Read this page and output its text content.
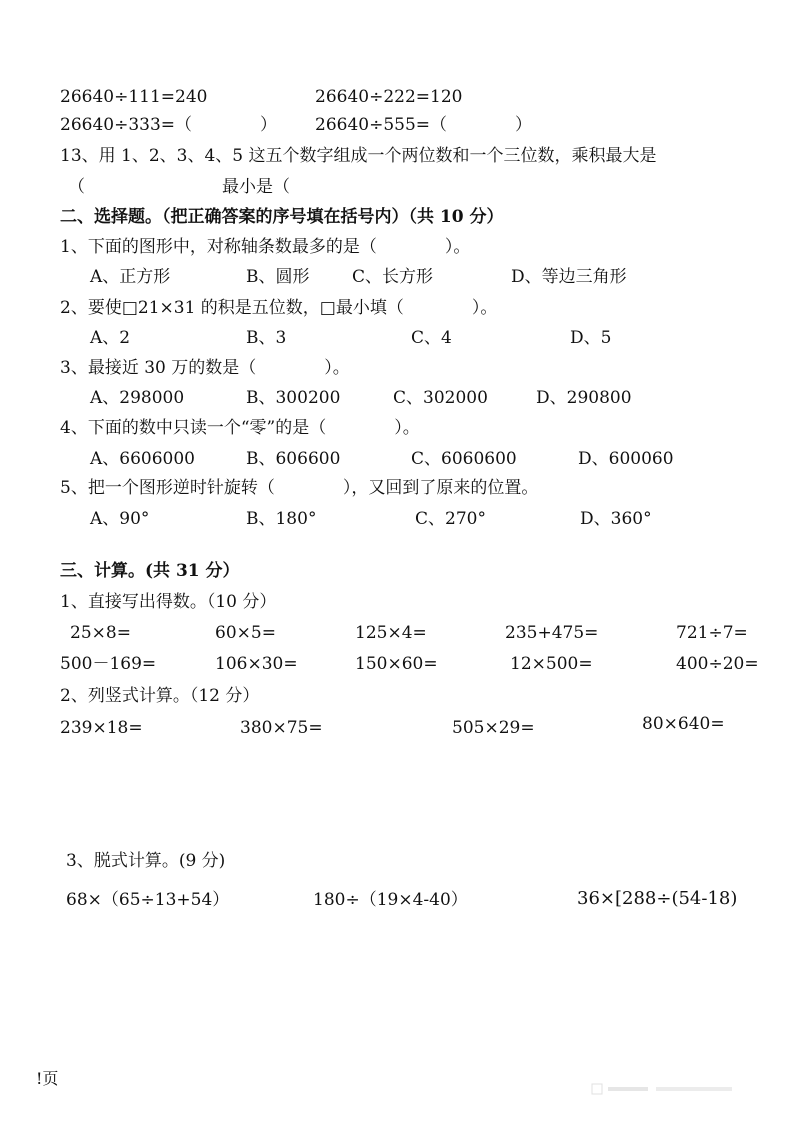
26640÷111=240	26640÷222=120
26640÷333=（　　　　） 26640÷555=（　　　　）
13、用 1、2、3、4、5 这五个数字组成一个两位数和一个三位数，乘积最大是
（	最小是（
二、选择题。（把正确答案的序号填在括号内）（共 10 分）
1、下面的图形中，对称轴条数最多的是（　　　　）。
A、正方形	B、圆形	C、长方形	D、等边三角形
2、要使□21×31 的积是五位数，□最小填（　　　　）。
A、2	B、3	C、4	D、5
3、最接近 30 万的数是（　　　　）。
A、298000	B、300200	C、302000	D、290800
4、下面的数中只读一个“零”的是（　　　　）。
A、6606000	B、606600	C、6060600	D、600060
5、把一个图形逆时针旋转（　　　　），又回到了原来的位置。
A、90°	B、180°	C、270°	D、360°
三、计算。(共 31 分）
1、直接写出得数。（10 分）
25×8=	60×5=	125×4=	235+475=	721÷7=
500－169=	106×30=	150×60=	12×500=	400÷20=
2、列竖式计算。（12 分）
239×18=	380×75=	505×29=	80×640=
3、脱式计算。(9 分)
68×（65÷13+54）	180÷（19×4-40）	36×[288÷(54-18)
!页
